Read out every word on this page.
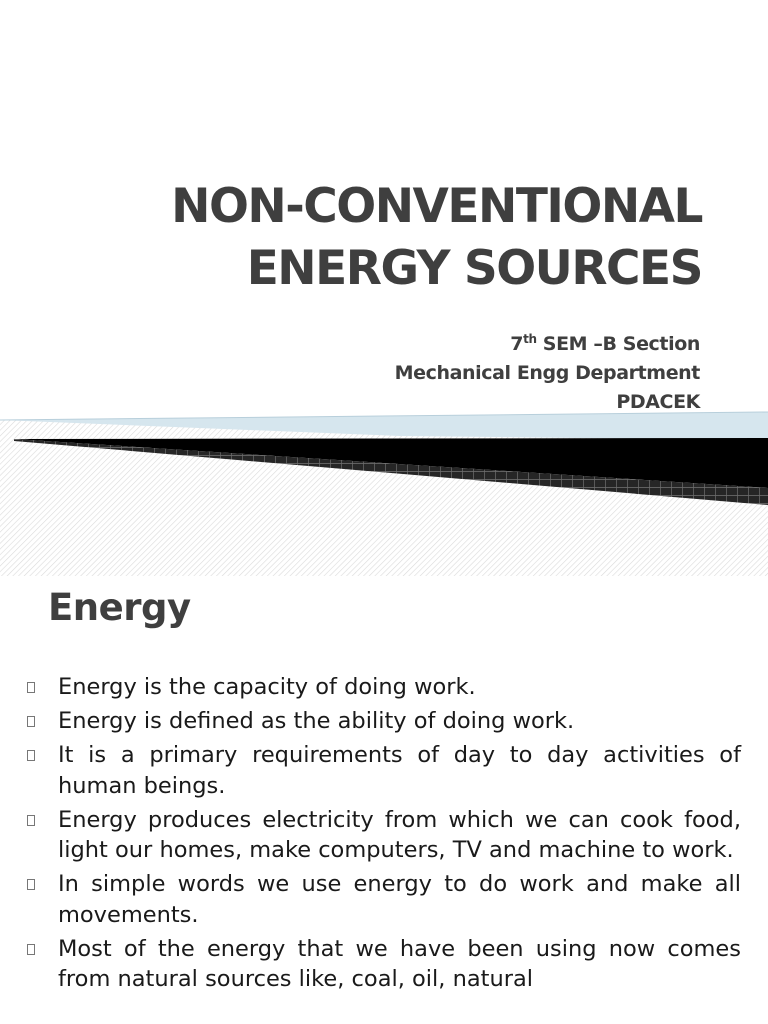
NON-CONVENTIONAL
ENERGY SOURCES
7th SEM –B Section
Mechanical Engg Department
PDACEK
Energy
Energy is the capacity of doing work.
Energy is defined as the ability of doing work.
It is a primary requirements of day to day activities of human beings.
Energy produces electricity from which we can cook food, light our homes, make computers, TV and machine to work.
In simple words we use energy to do work and make all movements.
Most of the energy that we have been using now comes from natural sources like, coal, oil, natural
